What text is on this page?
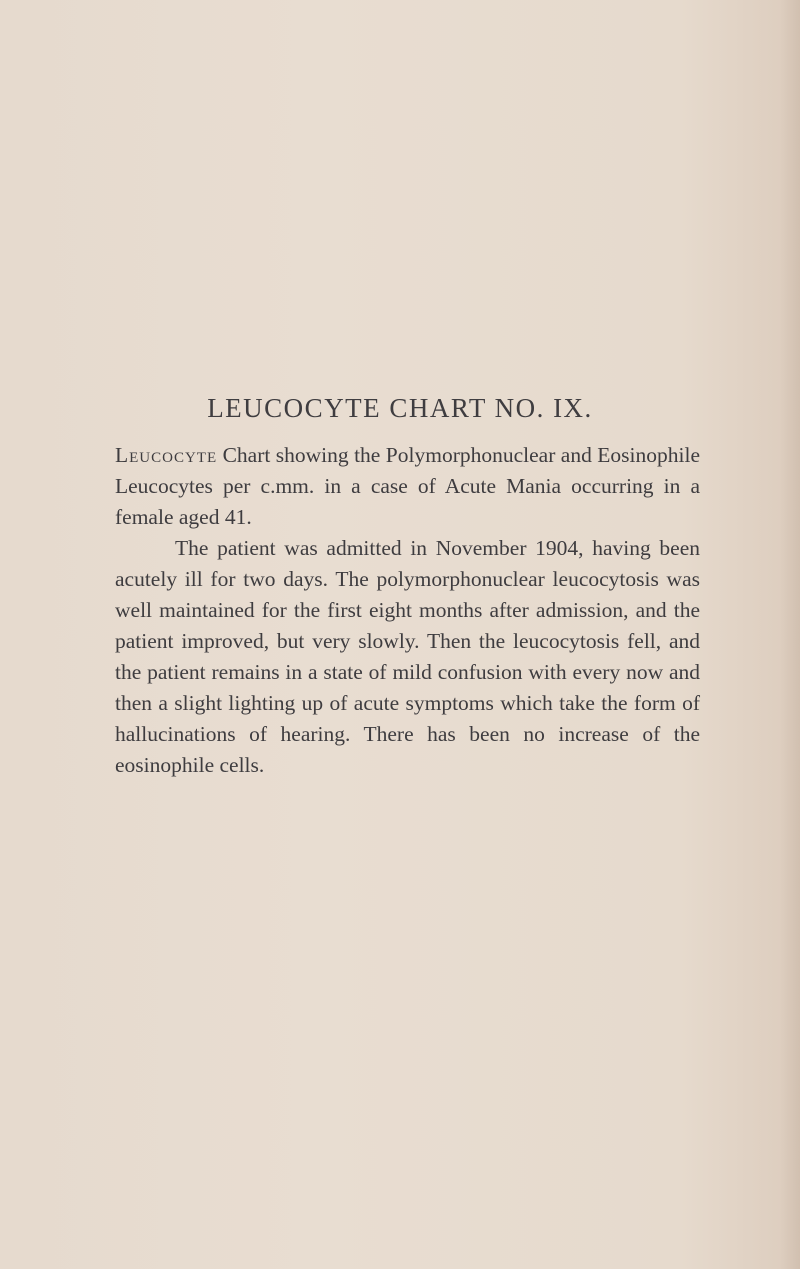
LEUCOCYTE CHART NO. IX.

Leucocyte Chart showing the Polymorphonuclear and Eosinophile Leucocytes per c.mm. in a case of Acute Mania occurring in a female aged 41.

The patient was admitted in November 1904, having been acutely ill for two days. The polymorphonuclear leucocytosis was well maintained for the first eight months after admission, and the patient improved, but very slowly. Then the leucocytosis fell, and the patient remains in a state of mild confusion with every now and then a slight lighting up of acute symptoms which take the form of hallucinations of hearing. There has been no increase of the eosinophile cells.
